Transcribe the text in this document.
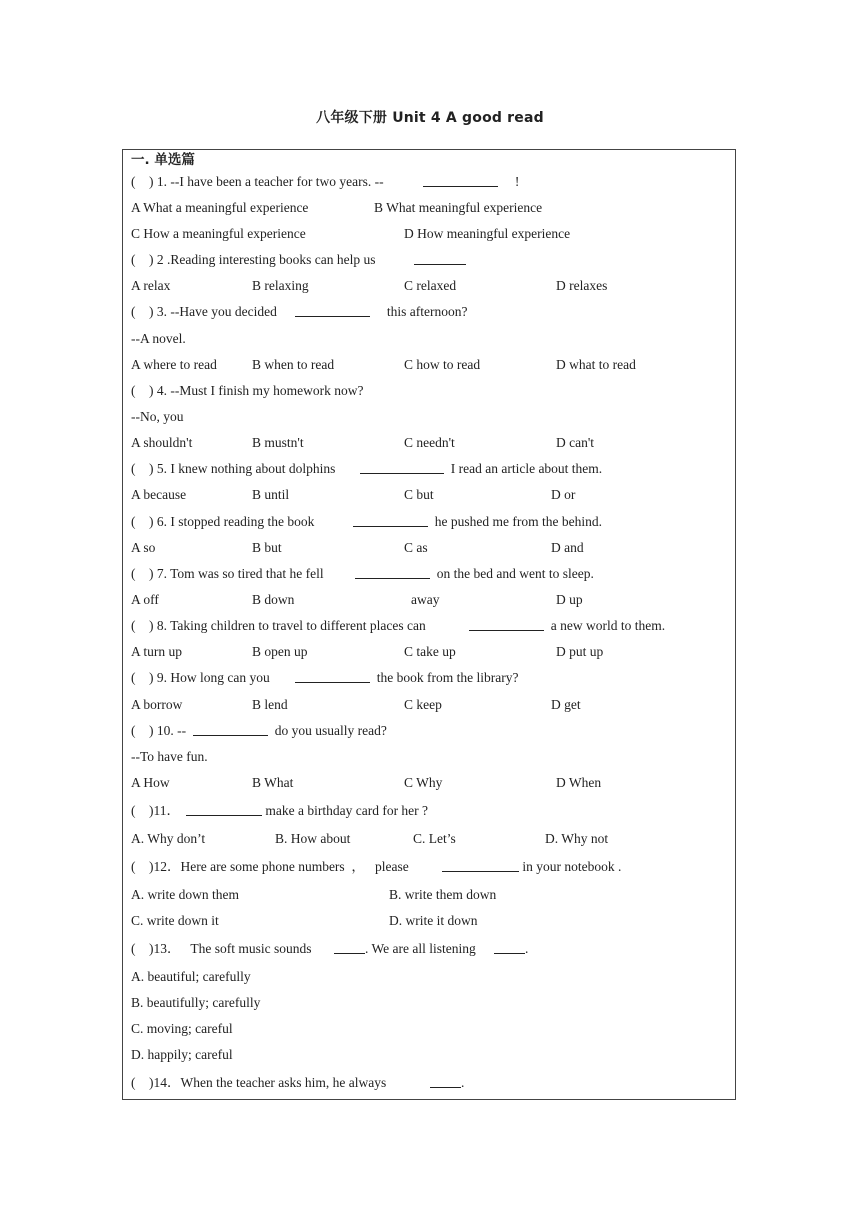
八年级下册 Unit 4 A good read
一. 单选篇

(    ) 1. --I have been a teacher for two years. --

	!

A What a meaningful experience

	B What meaningful experience

C How a meaningful experience

	D How meaningful experience

(    ) 2 .Reading interesting books can help us

A relax

	B relaxing

	C relaxed

	D relaxes

(    ) 3. --Have you decided

	this afternoon?

--A novel.

A where to read

	B when to read

	C how to read

	D what to read

(    ) 4. --Must I finish my homework now?

--No, you

A shouldn't

	B mustn't

	C needn't

	D can't

(    ) 5. I knew nothing about dolphins

	I read an article about them.

A because

	B until

	C but

	D or

(    ) 6. I stopped reading the book

	he pushed me from the behind.

A so

	B but

	C as

	D and

(    ) 7. Tom was so tired that he fell

	on the bed and went to sleep.

A off

	B down

	away

	D up

(    ) 8. Taking children to travel to different places can

	a new world to them.

A turn up

	B open up

	C take up

	D put up

(    ) 9. How long can you

	the book from the library?

A borrow

	B lend

	C keep

	D get

(    ) 10. --

	do you usually read?

--To have fun.

A How

	B What

	C Why

	D When

(    )11．

	make a birthday card for her ?

A. Why don’t

	B. How about

	C. Let’s

	D. Why not

(    )12．Here are some phone numbers  ，   please

	in your notebook .

A. write down them

	B. write them down

C. write down it

	D. write it down

(    )13．   The soft music sounds

	. We are all listening

	.

A. beautiful; carefully
B. beautifully; carefully
C. moving; careful
D. happily; careful

(    )14．When the teacher asks him, he always

	.
